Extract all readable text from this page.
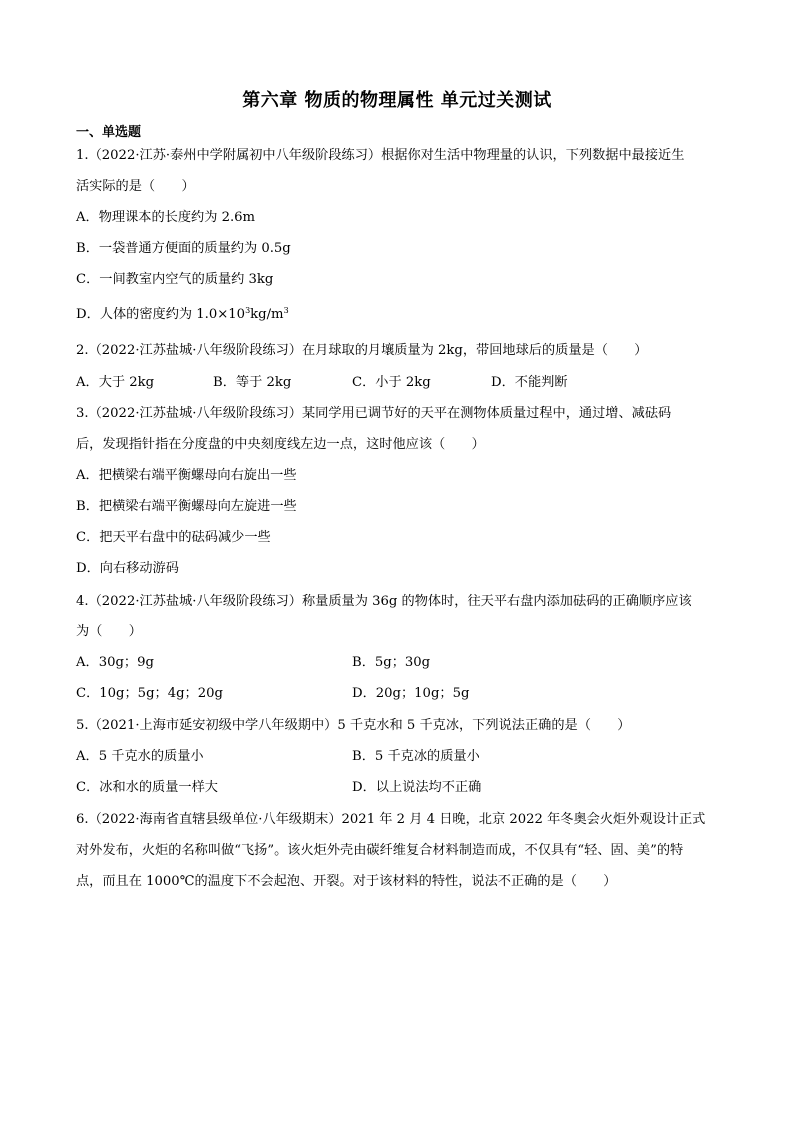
第六章 物质的物理属性 单元过关测试
一、单选题
1.（2022·江苏·泰州中学附属初中八年级阶段练习）根据你对生活中物理量的认识，下列数据中最接近生
活实际的是（　　）
A．物理课本的长度约为 2.6m
B．一袋普通方便面的质量约为 0.5g
C．一间教室内空气的质量约 3kg
D．人体的密度约为 $1.0\times 10^3kg/m^3$
2.（2022·江苏盐城·八年级阶段练习）在月球取的月壤质量为 2kg，带回地球后的质量是（　　）
A．大于 2kg	B．等于 2kg	C．小于 2kg	D．不能判断
3.（2022·江苏盐城·八年级阶段练习）某同学用已调节好的天平在测物体质量过程中，通过增、减砝码
后，发现指针指在分度盘的中央刻度线左边一点，这时他应该（　　）
A．把横梁右端平衡螺母向右旋出一些
B．把横梁右端平衡螺母向左旋进一些
C．把天平右盘中的砝码减少一些
D．向右移动游码
4.（2022·江苏盐城·八年级阶段练习）称量质量为 36g 的物体时，往天平右盘内添加砝码的正确顺序应该
为（　　）
A．30g；9g	B．5g；30g
C．10g；5g；4g；20g	D．20g；10g；5g
5.（2021·上海市延安初级中学八年级期中）5 千克水和 5 千克冰，下列说法正确的是（　　）
A．5 千克水的质量小	B．5 千克冰的质量小
C．冰和水的质量一样大	D．以上说法均不正确
6.（2022·海南省直辖县级单位·八年级期末）2021 年 2 月 4 日晚，北京 2022 年冬奥会火炬外观设计正式
对外发布，火炬的名称叫做“飞扬”。该火炬外壳由碳纤维复合材料制造而成，不仅具有“轻、固、美”的特
点，而且在 1000℃的温度下不会起泡、开裂。对于该材料的特性，说法不正确的是（　　）
